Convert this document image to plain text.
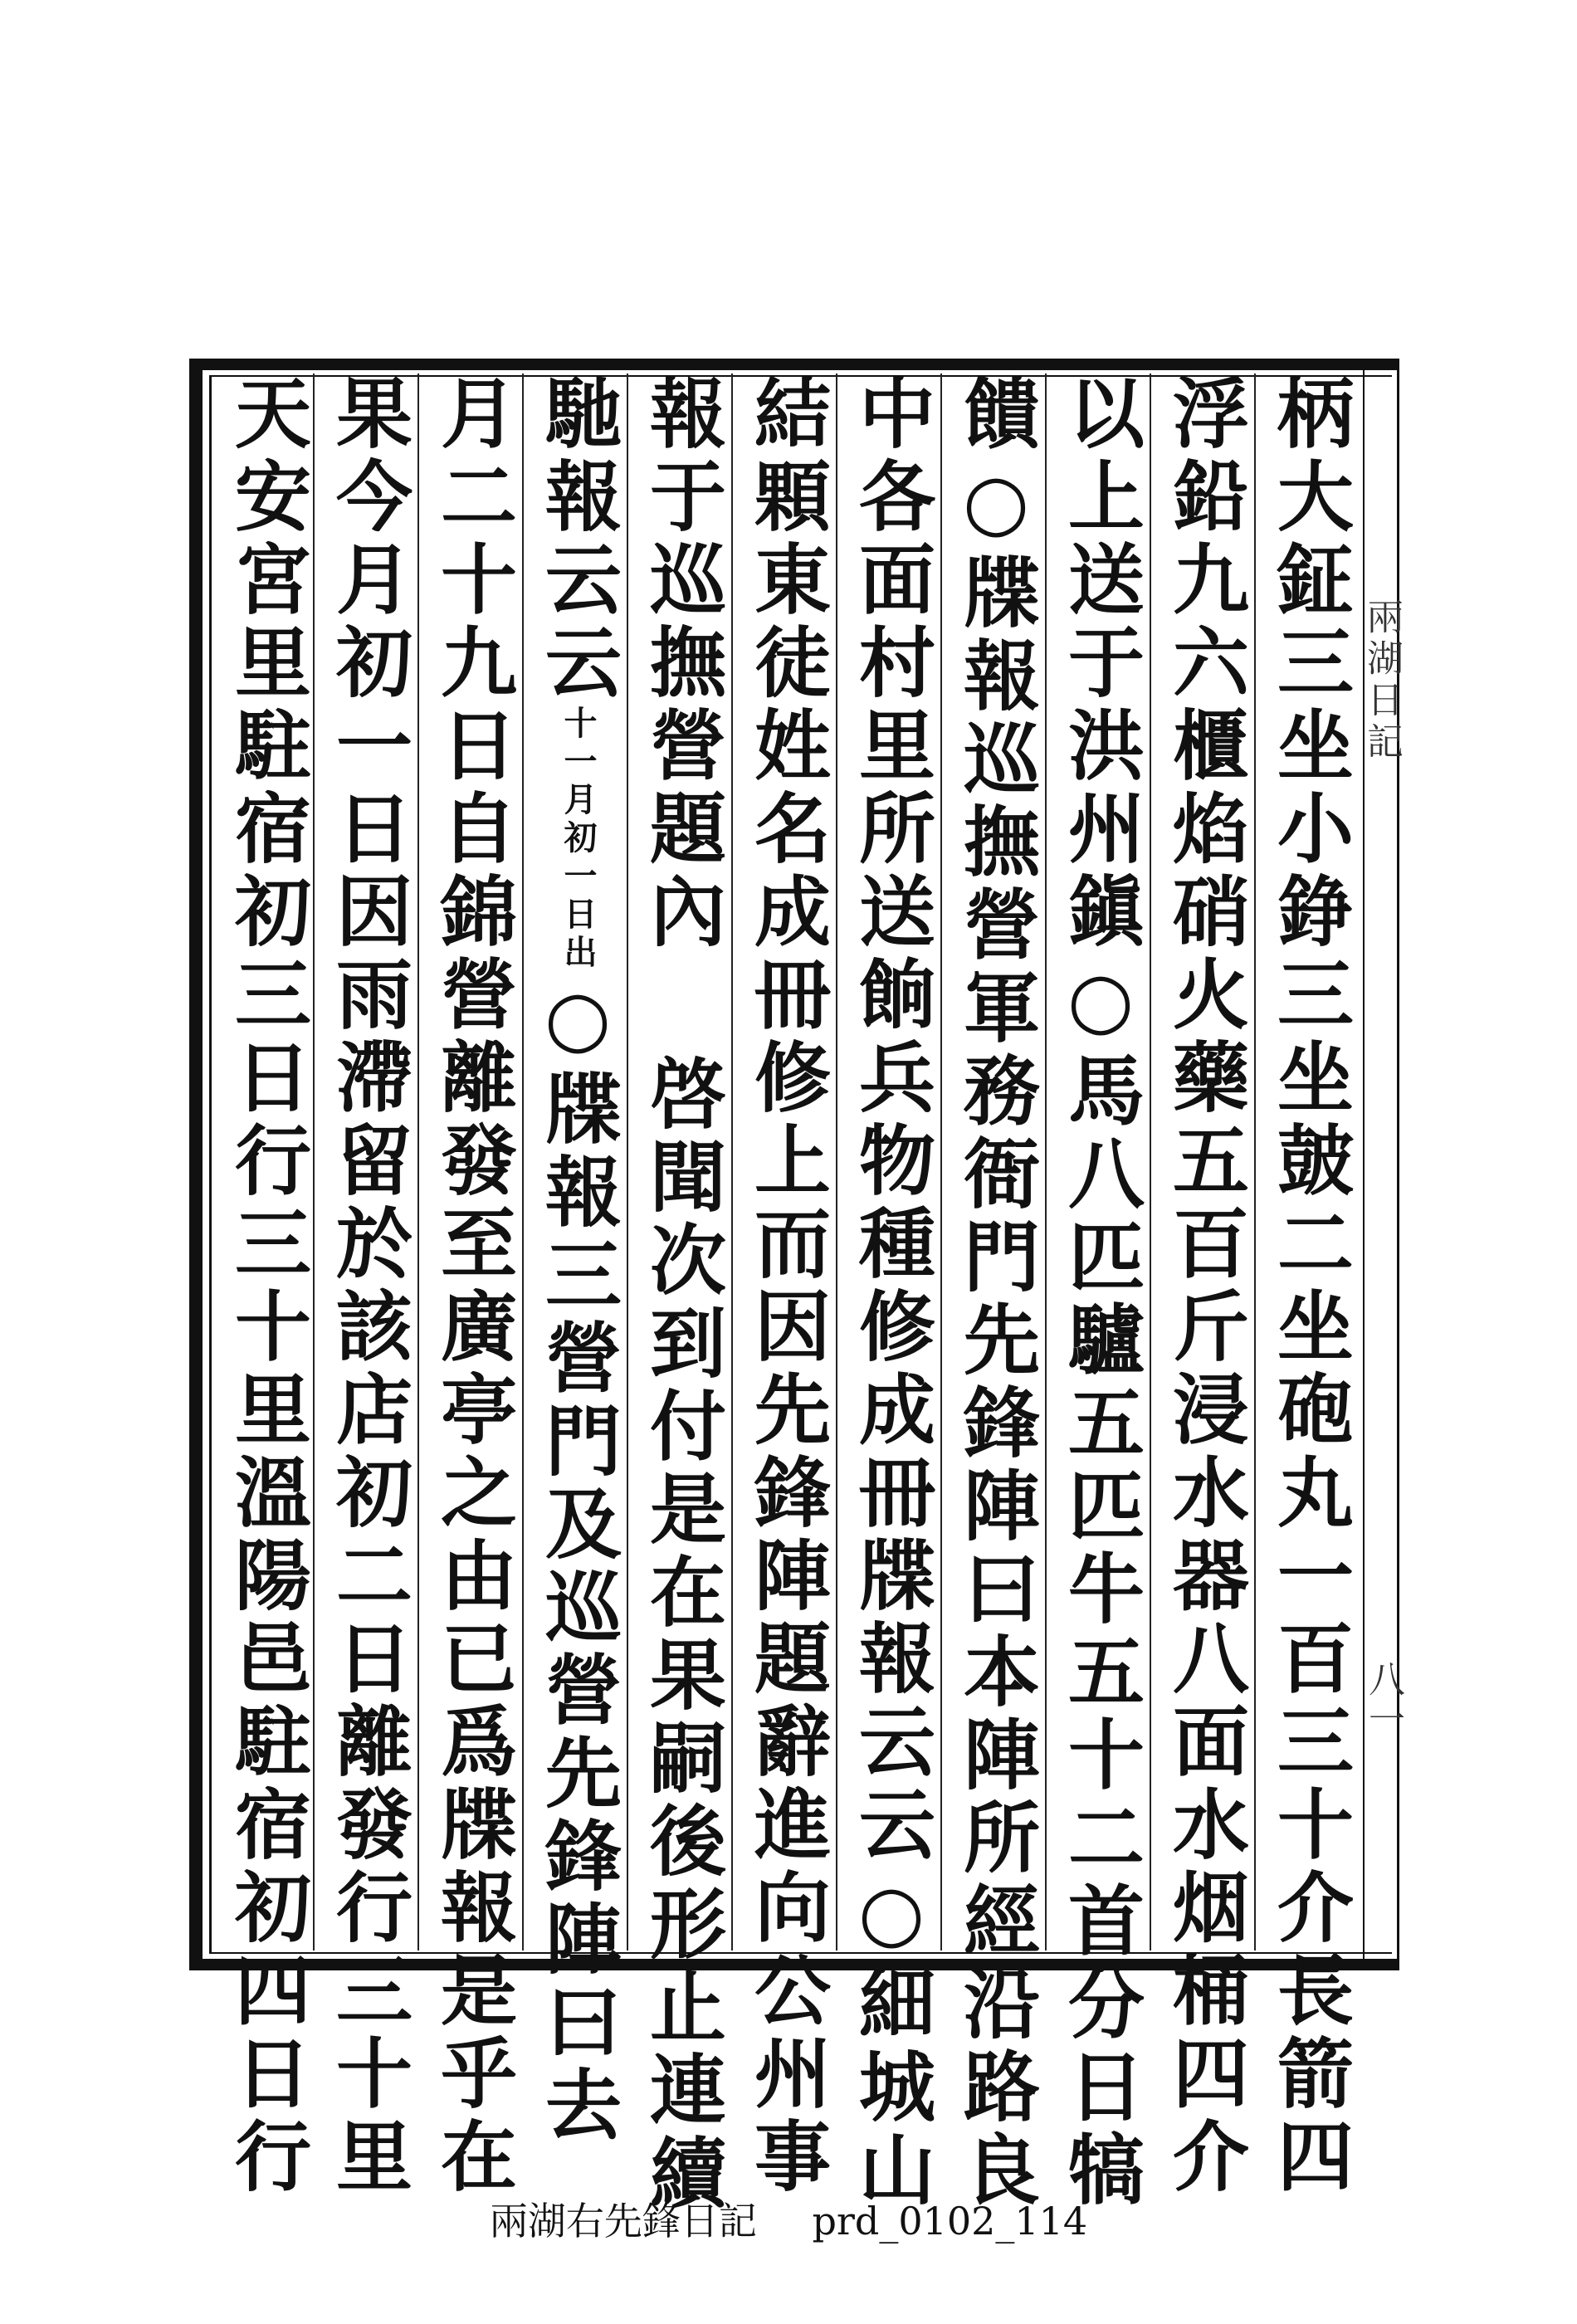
兩湖日記
八一
柄大鉦三坐小錚三坐皷二坐砲丸一百三十介長箭四
浮鉛九六櫃焰硝火藥五百斤浸水器八面水烟桶四介
以上送于洪州鎭○馬八匹驢五匹牛五十二首分日犒
饋○牒報巡撫營軍務衙門先鋒陣曰本陣所經沿路良
中各面村里所送餉兵物種修成冊牒報云云○細城山
結顆東徒姓名成冊修上而因先鋒陣題辭進向公州事
報于巡撫營題內啓聞次到付是在果嗣後形止連續
馳報云云十一月初一日出○牒報三營門及巡營先鋒陣曰去
月二十九日自錦營離發至廣亭之由已爲牒報是乎在
果今月初一日因雨滯留於該店初二日離發行三十里
天安宮里駐宿初三日行三十里溫陽邑駐宿初四日行
兩湖右先鋒日記 prd_0102_114
